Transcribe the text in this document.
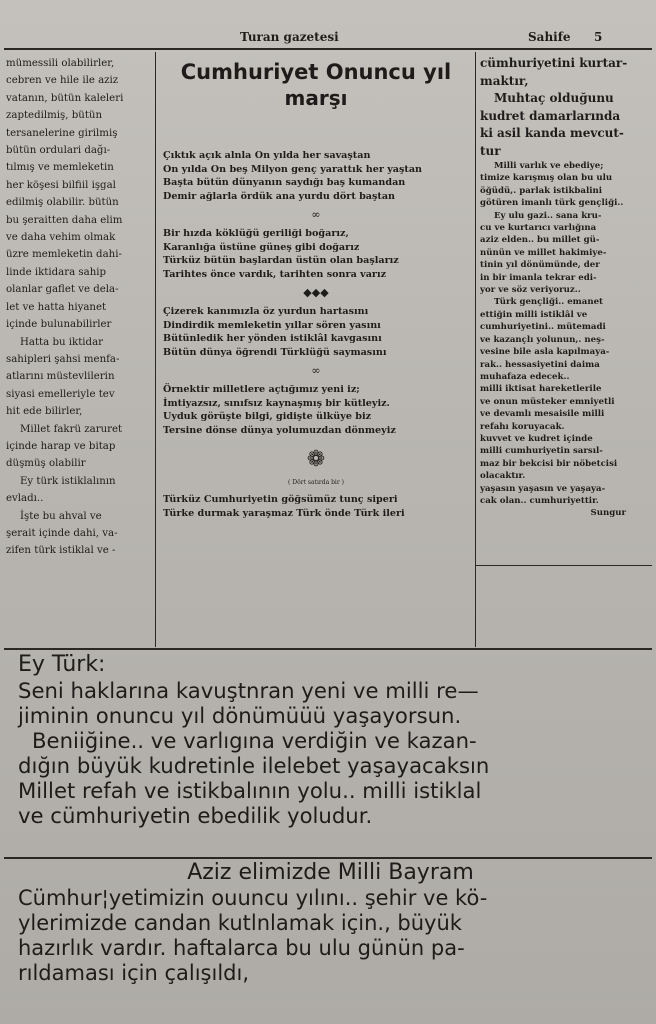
Turan gazetesi	Sahife 5
mümessili olabilirler,
cebren ve hile ile aziz
vatanın, bütün kaleleri
zaptedilmiş, bütün
tersanelerine girilmiş
bütün ordulari dağı-
tılmış ve memleketin
her köşesi bilfiil işgal
edilmiş olabilir. bütün
bu şeraitten daha elim
ve daha vehim olmak
üzre memleketin dahi-
linde iktidara sahip
olanlar gaflet ve dela-
let ve hatta hiyanet
içinde bulunabilirler
Hatta bu iktidar
sahipleri şahsi menfa-
atlarını müstevlilerin
siyasi emelleriyle tev
hit ede bilirler,
Millet fakrü zaruret
içinde harap ve bitap
düşmüş olabilir
Ey türk istiklalının
evladı..
İşte bu ahval ve
şerait içinde dahi, va-
zifen türk istiklal ve -
Cumhuriyet Onuncu yıl
marşı
Çıktık açık alnla On yılda her savaştan
On yılda On beş Milyon genç yarattık her yaştan
Başta bütün dünyanın saydığı baş kumandan
Demir ağlarla ördük ana yurdu dört baştan
∞
Bir hızda köklüğü geriliği boğarız,
Karanlığa üstüne güneş gibi doğarız
Türküz bütün başlardan üstün olan başlarız
Tarihtes önce vardık, tarihten sonra varız
◆◆◆
Çizerek kanımızla öz yurdun hartasını
Dindirdik memleketin yıllar sören yasını
Bütünledik her yönden istiklâl kavgasını
Bütün dünya öğrendi Türklüğü saymasını
∞
Örnektir milletlere açtığımız yeni iz;
İmtiyazsız, sınıfsız kaynaşmış bir kütleyiz.
Uyduk görüşte bilgi, gidişte ülküye biz
Tersine dönse dünya yolumuzdan dönmeyiz
❁
( Dört satırda bir )
Türküz Cumhuriyetin göğsümüz tunç siperi
Türke durmak yaraşmaz Türk önde Türk ileri
cümhuriyetini kurtar-
maktır,
Muhtaç olduğunu
kudret damarlarında
ki asil kanda mevcut-
tur
Milli varlık ve ebediye;
timize karışmış olan bu ulu
öğüdü,. parlak istikbalini
götüren imanlı türk gençliği..
Ey ulu gazi.. sana kru-
cu ve kurtarıcı varlığına
aziz elden.. bu millet gü-
nünün ve millet hakimiye-
tinin yıl dönümünde, der
in bir imanla tekrar edi-
yor ve söz veriyoruz..
Türk gençliği.. emanet
ettiğin milli istiklâl ve
cumhuriyetini.. mütemadi
ve kazançlı yolunun,. neş-
vesine bile asla kapılmaya-
rak.. hessasiyetini daima
muhafaza edecek..
milli iktisat hareketlerile
ve onun müsteker emniyetli
ve devamlı mesaisile milli
refahı koruyacak.
kuvvet ve kudret içinde
milli cumhuriyetin sarsıl-
maz bir bekcisi bir nöbetcisi
olacaktır.
yaşasın yaşasın ve yaşaya-
cak olan.. cumhuriyettir.
Sungur
Ey Türk:
Seni haklarına kavuştnran yeni ve milli re—
jiminin onuncu yıl dönümüüü yaşayorsun.
Beniiğine.. ve varlıgına verdiğin ve kazan-
dığın büyük kudretinle ilelebet yaşayacaksın
Millet refah ve istikbalının yolu.. milli istiklal
ve cümhuriyetin ebedilik yoludur.
Aziz elimizde Milli Bayram
Cümhur¦yetimizin ouuncu yılını.. şehir ve kö-
ylerimizde candan kutlnlamak için., büyük
hazırlık vardır. haftalarca bu ulu günün pa-
rıldaması için çalışıldı,
